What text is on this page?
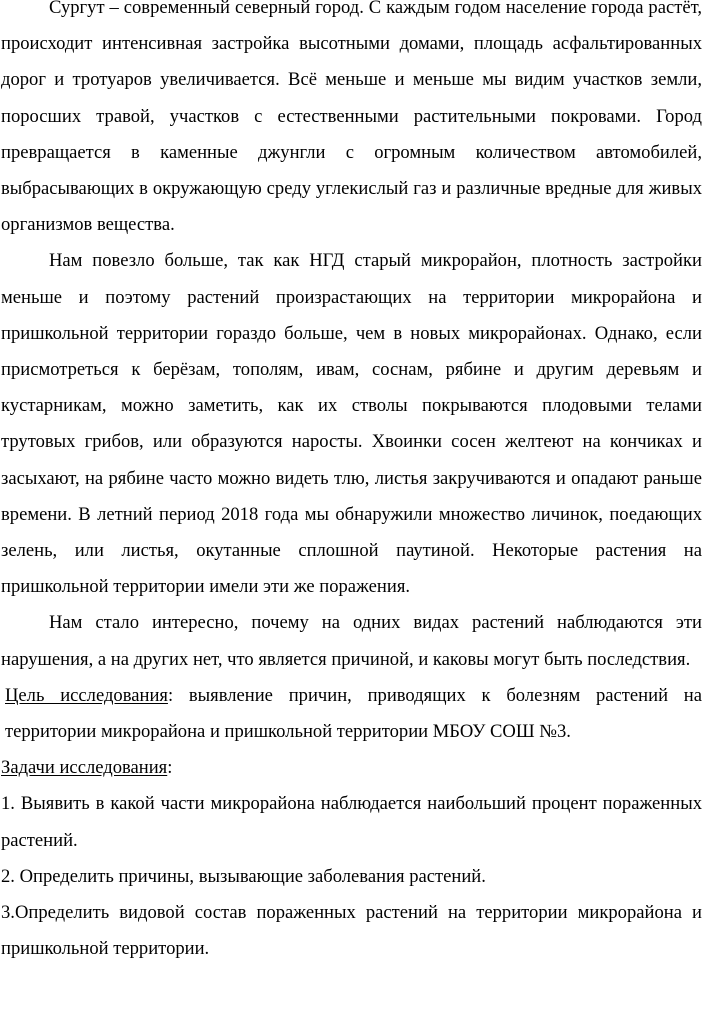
Сургут – современный северный город. С каждым годом население города растёт, происходит интенсивная застройка высотными домами, площадь асфальтированных дорог и тротуаров увеличивается. Всё меньше и меньше мы видим участков земли, поросших травой, участков с естественными растительными покровами. Город превращается в каменные джунгли с огромным количеством автомобилей, выбрасывающих в окружающую среду углекислый газ и различные вредные для живых организмов вещества.

Нам повезло больше, так как НГД старый микрорайон, плотность застройки меньше и поэтому растений произрастающих на территории микрорайона и пришкольной территории гораздо больше, чем в новых микрорайонах. Однако, если присмотреться к берёзам, тополям, ивам, соснам, рябине и другим деревьям и кустарникам, можно заметить, как их стволы покрываются плодовыми телами трутовых грибов, или образуются наросты. Хвоинки сосен желтеют на кончиках и засыхают, на рябине часто можно видеть тлю, листья закручиваются и опадают раньше времени. В летний период 2018 года мы обнаружили множество личинок, поедающих зелень, или листья, окутанные сплошной паутиной. Некоторые растения на пришкольной территории имели эти же поражения.

Нам стало интересно, почему на одних видах растений наблюдаются эти нарушения, а на других нет, что является причиной, и каковы могут быть последствия.

Цель исследования: выявление причин, приводящих к болезням растений на территории микрорайона и пришкольной территории МБОУ СОШ №3.

Задачи исследования:

1. Выявить в какой части микрорайона наблюдается наибольший процент пораженных растений.

2. Определить причины, вызывающие заболевания растений.

3.Определить видовой состав пораженных растений на территории микрорайона и пришкольной территории.
